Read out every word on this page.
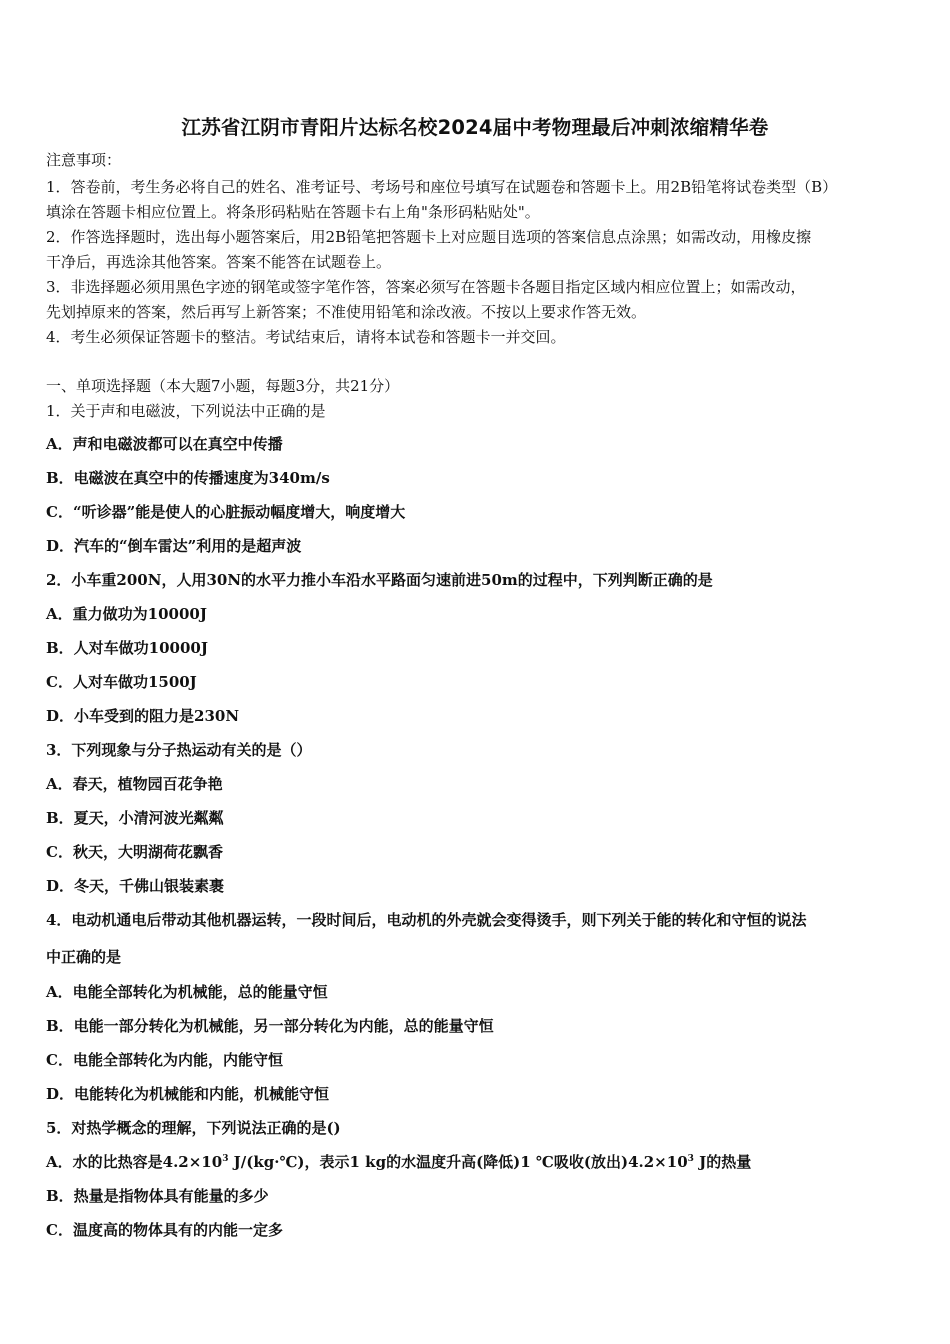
江苏省江阴市青阳片达标名校2024届中考物理最后冲刺浓缩精华卷
注意事项：
1．答卷前，考生务必将自己的姓名、准考证号、考场号和座位号填写在试题卷和答题卡上。用2B铅笔将试卷类型（B）
填涂在答题卡相应位置上。将条形码粘贴在答题卡右上角"条形码粘贴处"。
2．作答选择题时，选出每小题答案后，用2B铅笔把答题卡上对应题目选项的答案信息点涂黑；如需改动，用橡皮擦
干净后，再选涂其他答案。答案不能答在试题卷上。
3．非选择题必须用黑色字迹的钢笔或签字笔作答，答案必须写在答题卡各题目指定区域内相应位置上；如需改动，
先划掉原来的答案，然后再写上新答案；不准使用铅笔和涂改液。不按以上要求作答无效。
4．考生必须保证答题卡的整洁。考试结束后，请将本试卷和答题卡一并交回。
一、单项选择题（本大题7小题，每题3分，共21分）
1．关于声和电磁波，下列说法中正确的是
A．声和电磁波都可以在真空中传播
B．电磁波在真空中的传播速度为340m/s
C．“听诊器”能是使人的心脏振动幅度增大，响度增大
D．汽车的“倒车雷达”利用的是超声波
2．小车重200N，人用30N的水平力推小车沿水平路面匀速前进50m的过程中，下列判断正确的是
A．重力做功为10000J
B．人对车做功10000J
C．人对车做功1500J
D．小车受到的阻力是230N
3．下列现象与分子热运动有关的是（）
A．春天，植物园百花争艳
B．夏天，小清河波光粼粼
C．秋天，大明湖荷花飘香
D．冬天，千佛山银装素裹
4．电动机通电后带动其他机器运转，一段时间后，电动机的外壳就会变得烫手，则下列关于能的转化和守恒的说法
中正确的是
A．电能全部转化为机械能，总的能量守恒
B．电能一部分转化为机械能，另一部分转化为内能，总的能量守恒
C．电能全部转化为内能，内能守恒
D．电能转化为机械能和内能，机械能守恒
5．对热学概念的理解，下列说法正确的是()
A．水的比热容是$4.2\times 10^3$ J/(kg·℃)，表示1 kg的水温度升高(降低)1 ℃吸收(放出)$4.2\times 10^3$ J的热量
B．热量是指物体具有能量的多少
C．温度高的物体具有的内能一定多
